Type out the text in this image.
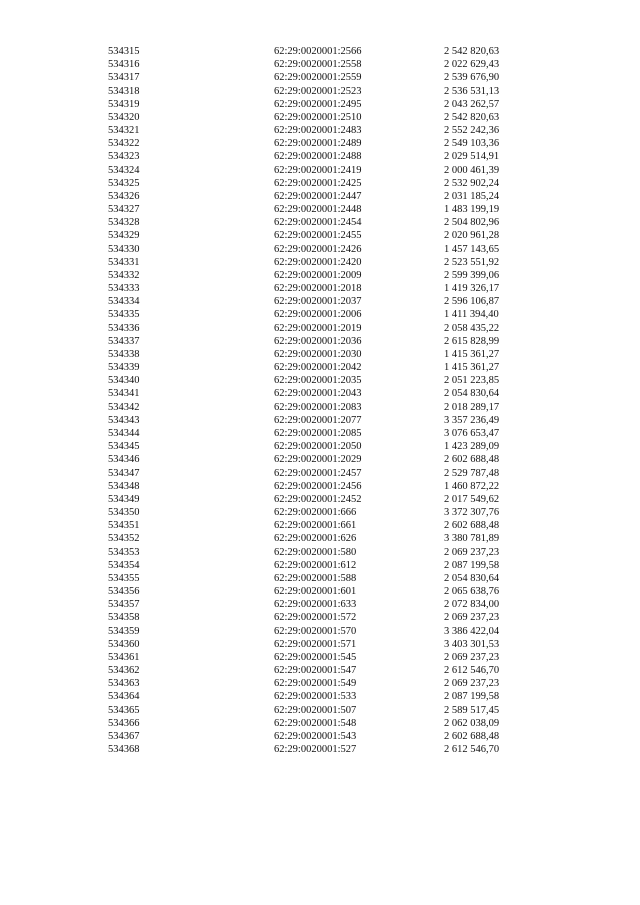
534315	62:29:0020001:2566	2 542 820,63
534316	62:29:0020001:2558	2 022 629,43
534317	62:29:0020001:2559	2 539 676,90
534318	62:29:0020001:2523	2 536 531,13
534319	62:29:0020001:2495	2 043 262,57
534320	62:29:0020001:2510	2 542 820,63
534321	62:29:0020001:2483	2 552 242,36
534322	62:29:0020001:2489	2 549 103,36
534323	62:29:0020001:2488	2 029 514,91
534324	62:29:0020001:2419	2 000 461,39
534325	62:29:0020001:2425	2 532 902,24
534326	62:29:0020001:2447	2 031 185,24
534327	62:29:0020001:2448	1 483 199,19
534328	62:29:0020001:2454	2 504 802,96
534329	62:29:0020001:2455	2 020 961,28
534330	62:29:0020001:2426	1 457 143,65
534331	62:29:0020001:2420	2 523 551,92
534332	62:29:0020001:2009	2 599 399,06
534333	62:29:0020001:2018	1 419 326,17
534334	62:29:0020001:2037	2 596 106,87
534335	62:29:0020001:2006	1 411 394,40
534336	62:29:0020001:2019	2 058 435,22
534337	62:29:0020001:2036	2 615 828,99
534338	62:29:0020001:2030	1 415 361,27
534339	62:29:0020001:2042	1 415 361,27
534340	62:29:0020001:2035	2 051 223,85
534341	62:29:0020001:2043	2 054 830,64
534342	62:29:0020001:2083	2 018 289,17
534343	62:29:0020001:2077	3 357 236,49
534344	62:29:0020001:2085	3 076 653,47
534345	62:29:0020001:2050	1 423 289,09
534346	62:29:0020001:2029	2 602 688,48
534347	62:29:0020001:2457	2 529 787,48
534348	62:29:0020001:2456	1 460 872,22
534349	62:29:0020001:2452	2 017 549,62
534350	62:29:0020001:666	3 372 307,76
534351	62:29:0020001:661	2 602 688,48
534352	62:29:0020001:626	3 380 781,89
534353	62:29:0020001:580	2 069 237,23
534354	62:29:0020001:612	2 087 199,58
534355	62:29:0020001:588	2 054 830,64
534356	62:29:0020001:601	2 065 638,76
534357	62:29:0020001:633	2 072 834,00
534358	62:29:0020001:572	2 069 237,23
534359	62:29:0020001:570	3 386 422,04
534360	62:29:0020001:571	3 403 301,53
534361	62:29:0020001:545	2 069 237,23
534362	62:29:0020001:547	2 612 546,70
534363	62:29:0020001:549	2 069 237,23
534364	62:29:0020001:533	2 087 199,58
534365	62:29:0020001:507	2 589 517,45
534366	62:29:0020001:548	2 062 038,09
534367	62:29:0020001:543	2 602 688,48
534368	62:29:0020001:527	2 612 546,70
